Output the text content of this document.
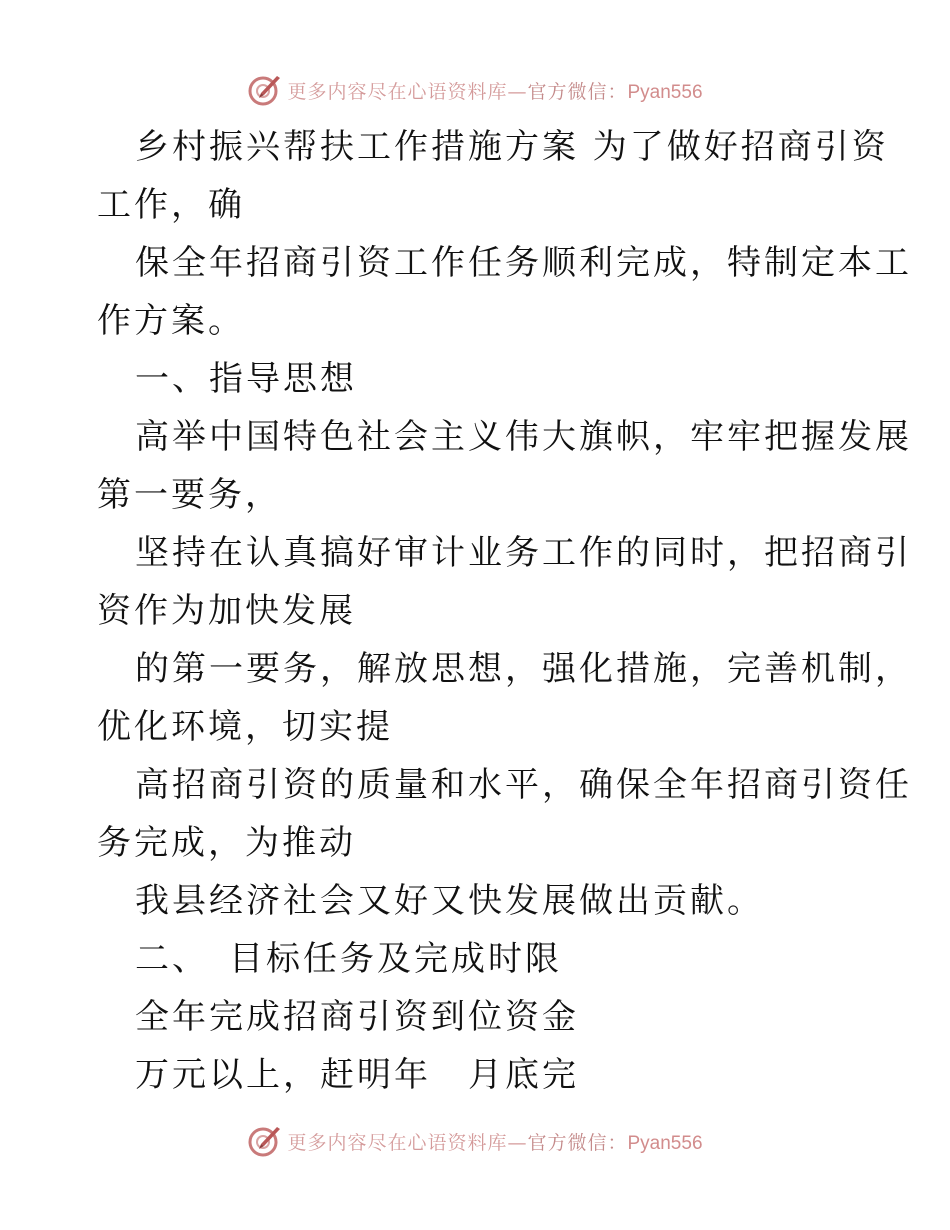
更多内容尽在心语资料库—官方微信：Pyan556
乡村振兴帮扶工作措施方案 为了做好招商引资
工作，确
保全年招商引资工作任务顺利完成，特制定本工
作方案。
一、指导思想
高举中国特色社会主义伟大旗帜，牢牢把握发展
第一要务，
坚持在认真搞好审计业务工作的同时，把招商引
资作为加快发展
的第一要务，解放思想，强化措施，完善机制，
优化环境，切实提
高招商引资的质量和水平，确保全年招商引资任
务完成，为推动
我县经济社会又好又快发展做出贡献。
二、　目标任务及完成时限
全年完成招商引资到位资金
万元以上，赶明年　月底完
更多内容尽在心语资料库—官方微信：Pyan556
